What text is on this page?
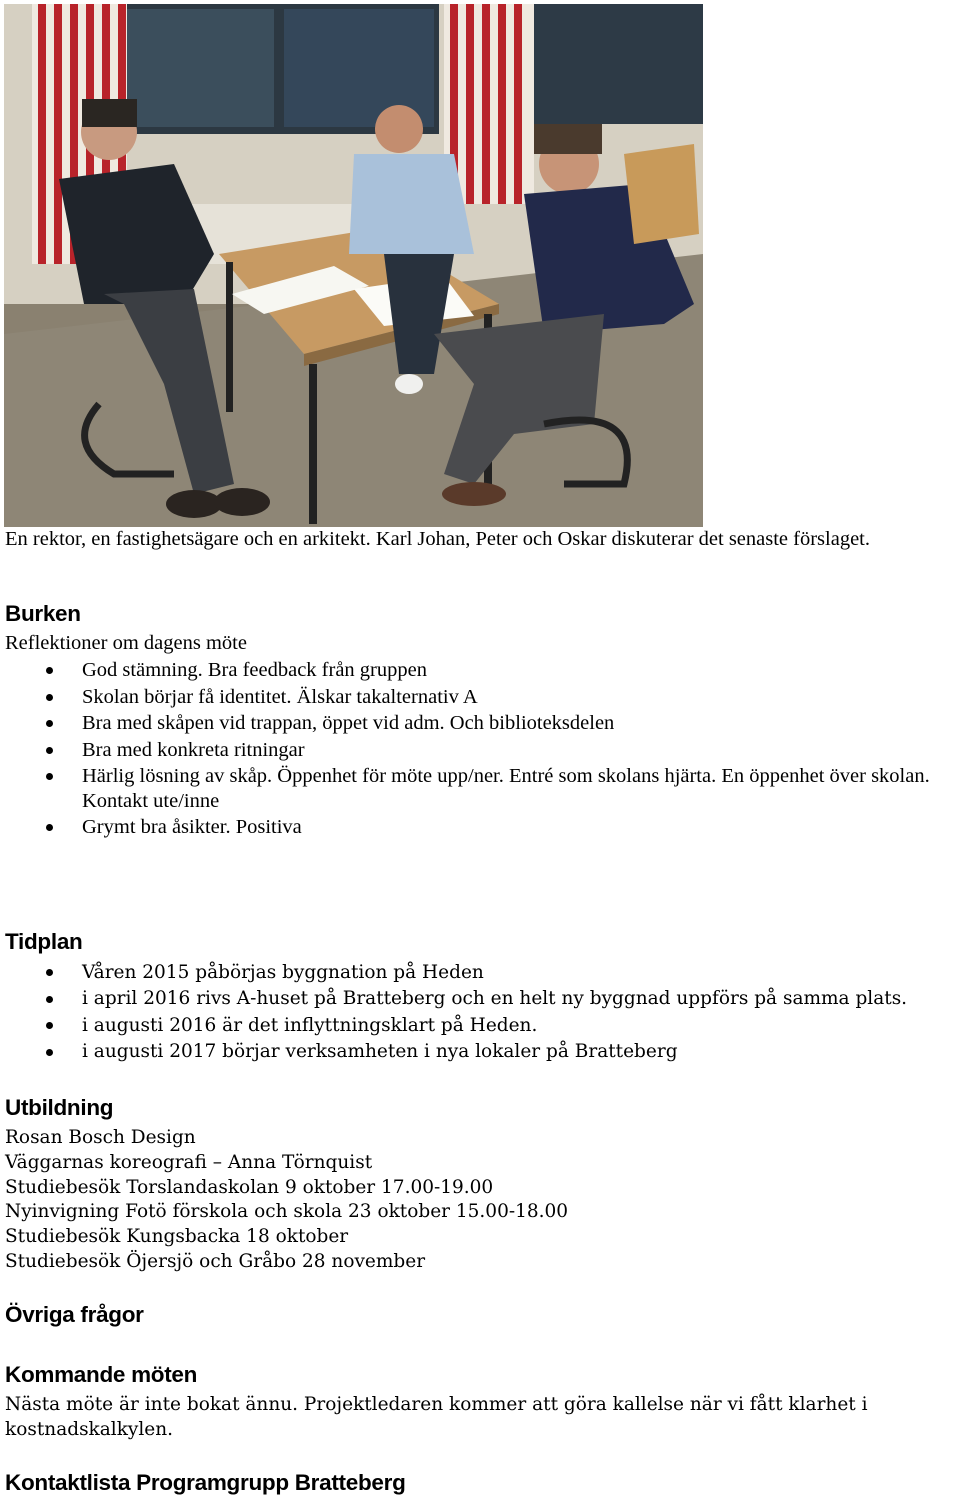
En rektor, en fastighetsägare och en arkitekt. Karl Johan, Peter och Oskar diskuterar det senaste förslaget.
Burken
Reflektioner om dagens möte
God stämning. Bra feedback från gruppen
Skolan börjar få identitet. Älskar takalternativ A
Bra med skåpen vid trappan, öppet vid adm. Och biblioteksdelen
Bra med konkreta ritningar
Härlig lösning av skåp. Öppenhet för möte upp/ner. Entré som skolans hjärta. En öppenhet över skolan. Kontakt ute/inne
Grymt bra åsikter. Positiva
Tidplan
Våren 2015 påbörjas byggnation på Heden
i april 2016 rivs A-huset på Bratteberg och en helt ny byggnad uppförs på samma plats.
i augusti 2016 är det inflyttningsklart på Heden.
i augusti 2017 börjar verksamheten i nya lokaler på Bratteberg
Utbildning
Rosan Bosch Design
Väggarnas koreografi – Anna Törnquist
Studiebesök Torslandaskolan 9 oktober 17.00-19.00
Nyinvigning Fotö förskola och skola 23 oktober 15.00-18.00
Studiebesök Kungsbacka 18 oktober
Studiebesök Öjersjö och Gråbo 28 november
Övriga frågor
Kommande möten
Nästa möte är inte bokat ännu. Projektledaren kommer att göra kallelse när vi fått klarhet i kostnadskalkylen.
Kontaktlista Programgrupp Bratteberg
